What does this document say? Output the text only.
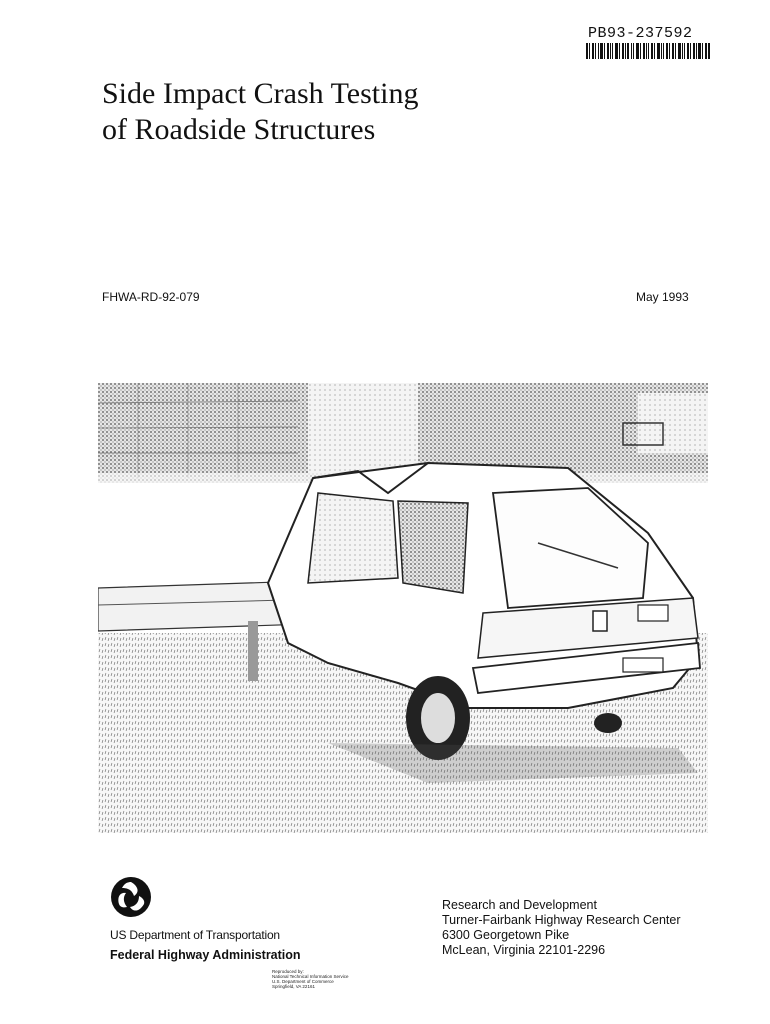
PB93-237592
Side Impact Crash Testing
of Roadside Structures
FHWA-RD-92-079	May 1993
US Department of Transportation
Federal Highway Administration
Research and Development
Turner-Fairbank Highway Research Center
6300 Georgetown Pike
McLean, Virginia 22101-2296
Reproduced by:
National Technical Information Service
U.S. Department of Commerce
Springfield, VA 22161
